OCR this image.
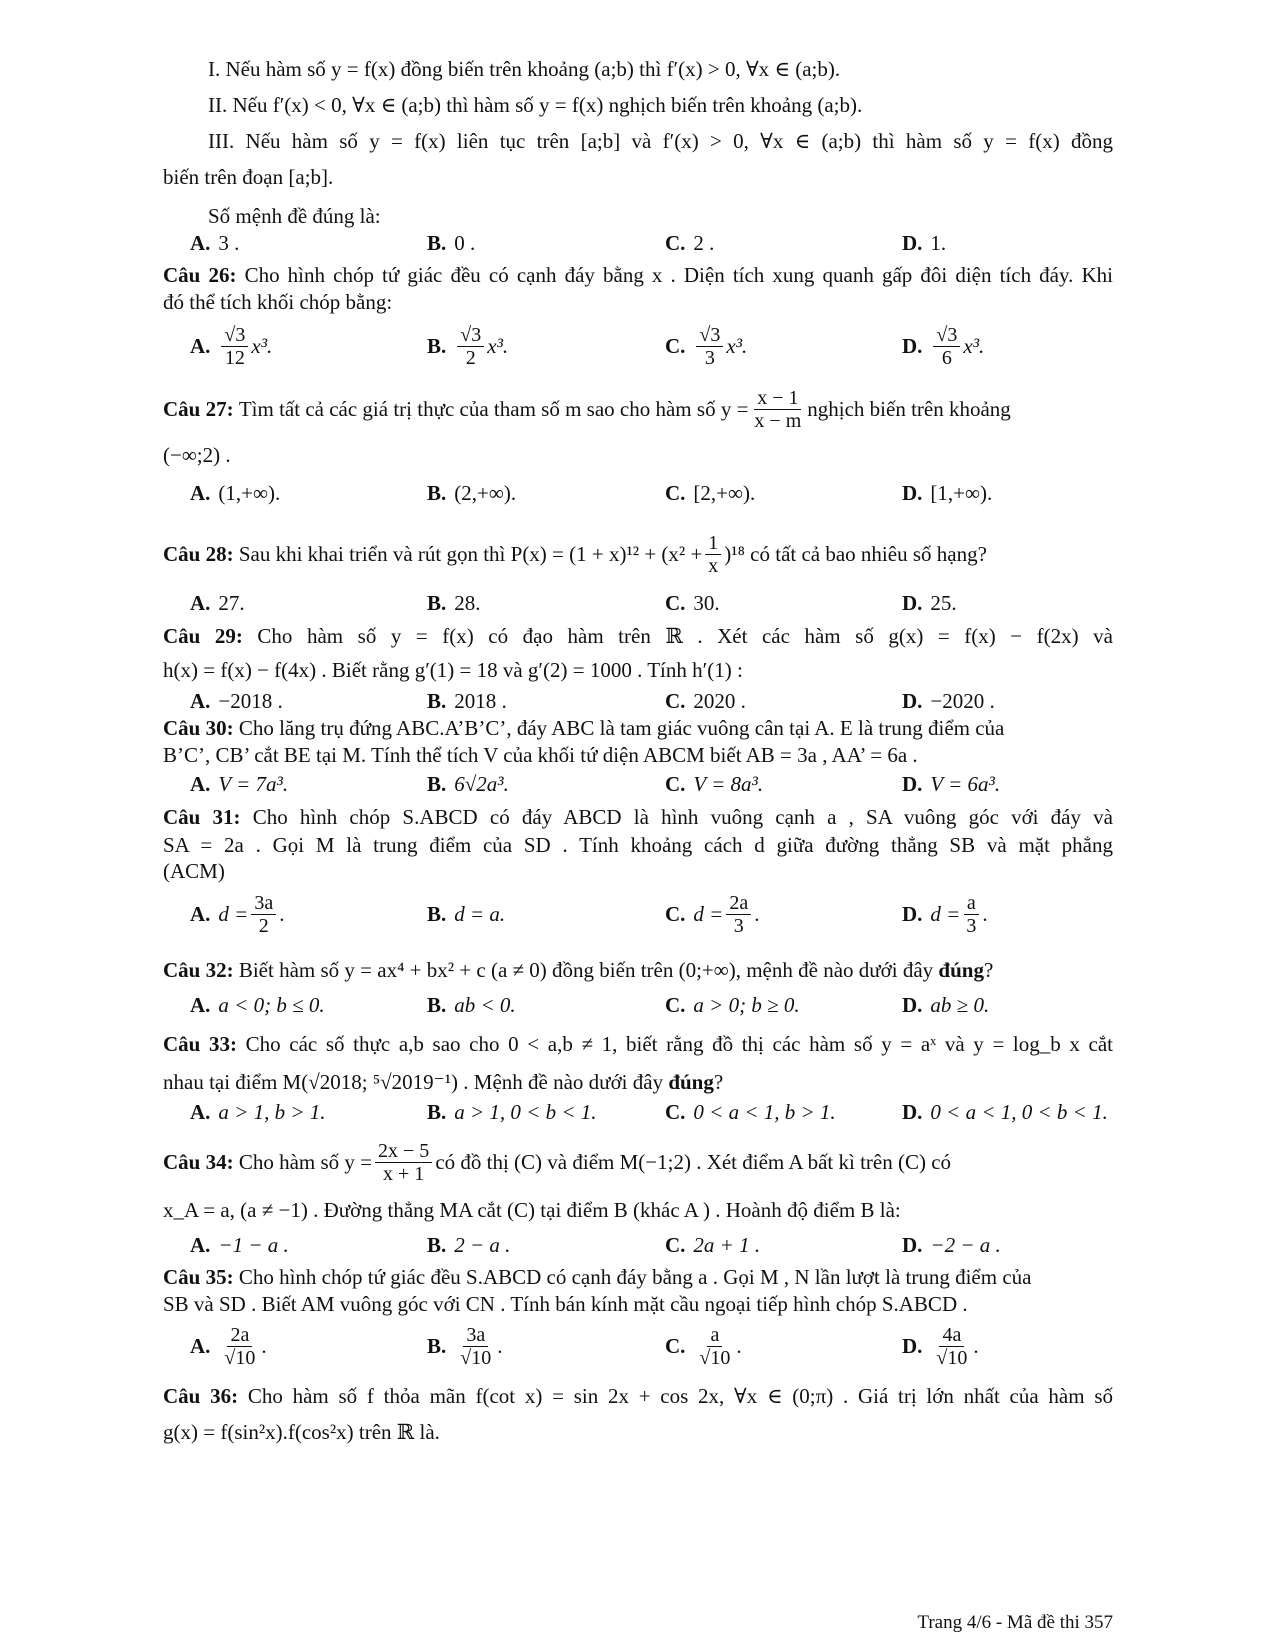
I. Nếu hàm số y = f(x) đồng biến trên khoảng (a;b) thì f′(x) > 0, ∀x ∈ (a;b).
II. Nếu f′(x) < 0, ∀x ∈ (a;b) thì hàm số y = f(x) nghịch biến trên khoảng (a;b).
III. Nếu hàm số y = f(x) liên tục trên [a;b] và f′(x) > 0, ∀x ∈ (a;b) thì hàm số y = f(x) đồng
biến trên đoạn [a;b].
Số mệnh đề đúng là:
A. 3 .	B. 0 .	C. 2 .	D. 1.
Câu 26: Cho hình chóp tứ giác đều có cạnh đáy bằng x . Diện tích xung quanh gấp đôi diện tích đáy. Khi
đó thể tích khối chóp bằng:
A. $\frac{√3}{12} x^3$.	B. $\frac{√3}{2} x^3$.	C. $\frac{√3}{3} x^3$.	D. $\frac{√3}{6} x^3$.
Câu 27:
Tìm tất cả các giá trị thực của tham số m sao cho hàm số $y = \frac{x - 1}{x - m}$ nghịch biến trên khoảng
(−∞;2) .
A. (1,+∞).	B. (2,+∞).	C. [2,+∞).	D. [1,+∞).
Câu 28:
Sau khi khai triển và rút gọn thì $P(x) = (1 + x)^{12} + (x^2 + \frac{1}{x} )^{18}$ có tất cả bao nhiêu số hạng?
A. 27.	B. 28.	C. 30.	D. 25.
Câu 29: Cho hàm số y = f(x) có đạo hàm trên ℝ . Xét các hàm số g(x) = f(x) − f(2x) và
h(x) = f(x) − f(4x) . Biết rằng g′(1) = 18 và g′(2) = 1000 . Tính h′(1) :
A. −2018 .	B. 2018 .	C. 2020 .	D. −2020 .
Câu 30: Cho lăng trụ đứng ABC.A’B’C’, đáy ABC là tam giác vuông cân tại A. E là trung điểm của
B’C’, CB’ cắt BE tại M. Tính thể tích V của khối tứ diện ABCM biết AB = 3a , AA’ = 6a .
A. V = 7a³.	B. 6√2a³.	C. V = 8a³.	D. V = 6a³.
Câu 31: Cho hình chóp S.ABCD có đáy ABCD là hình vuông cạnh a , SA vuông góc với đáy và
SA = 2a . Gọi M là trung điểm của SD . Tính khoảng cách d giữa đường thẳng SB và mặt phẳng
(ACM)
A. $d = \frac{3a}{2}$ .	B. d = a.	C. $d = \frac{2a}{3}$ .	D. $d = \frac{a}{3}$ .
Câu 32: Biết hàm số y = ax⁴ + bx² + c (a ≠ 0) đồng biến trên (0;+∞), mệnh đề nào dưới đây đúng?
A. a < 0; b ≤ 0.	B. ab < 0.	C. a > 0; b ≥ 0.	D. ab ≥ 0.
Câu 33: Cho các số thực a,b sao cho 0 < a,b ≠ 1, biết rằng đồ thị các hàm số y = aˣ và y = log_b x cắt
nhau tại điểm M(√2018; ⁵√2019⁻¹) . Mệnh đề nào dưới đây đúng?
A. a > 1, b > 1.	B. a > 1, 0 < b < 1.	C. 0 < a < 1, b > 1.	D. 0 < a < 1, 0 < b < 1.
Câu 34:
Cho hàm số $y = \frac{2x - 5}{x + 1}$ có đồ thị (C) và điểm M(−1;2) . Xét điểm A bất kì trên (C) có
x_A = a, (a ≠ −1) . Đường thẳng MA cắt (C) tại điểm B (khác A ) . Hoành độ điểm B là:
A. −1 − a .	B. 2 − a .	C. 2a + 1 .	D. −2 − a .
Câu 35: Cho hình chóp tứ giác đều S.ABCD có cạnh đáy bằng a . Gọi M , N lần lượt là trung điểm của
SB và SD . Biết AM vuông góc với CN . Tính bán kính mặt cầu ngoại tiếp hình chóp S.ABCD .
A. $\frac{2a}{√10}$ .	B. $\frac{3a}{√10}$ .	C. $\frac{a}{√10}$ .	D. $\frac{4a}{√10}$ .
Câu 36: Cho hàm số f thỏa mãn f(cot x) = sin 2x + cos 2x, ∀x ∈ (0;π) . Giá trị lớn nhất của hàm số
g(x) = f(sin²x).f(cos²x) trên ℝ là.
Trang 4/6 - Mã đề thi 357
